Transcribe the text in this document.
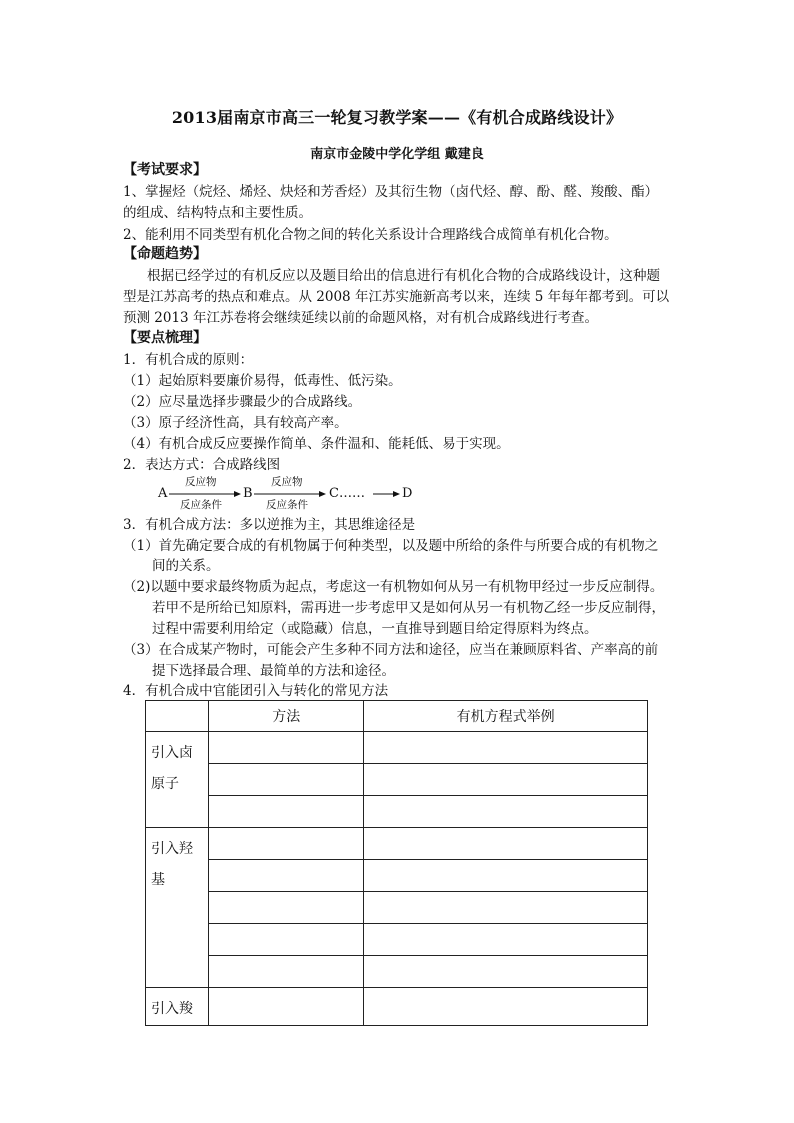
2013届南京市高三一轮复习教学案——《有机合成路线设计》
南京市金陵中学化学组 戴建良
【考试要求】
1、掌握烃（烷烃、烯烃、炔烃和芳香烃）及其衍生物（卤代烃、醇、酚、醛、羧酸、酯）
的组成、结构特点和主要性质。
2、能利用不同类型有机化合物之间的转化关系设计合理路线合成简单有机化合物。
【命题趋势】
根据已经学过的有机反应以及题目给出的信息进行有机化合物的合成路线设计，这种题
型是江苏高考的热点和难点。从 2008 年江苏实施新高考以来，连续 5 年每年都考到。可以
预测 2013 年江苏卷将会继续延续以前的命题风格，对有机合成路线进行考查。
【要点梳理】
1．有机合成的原则：
（1）起始原料要廉价易得，低毒性、低污染。
（2）应尽量选择步骤最少的合成路线。
（3）原子经济性高，具有较高产率。
（4）有机合成反应要操作简单、条件温和、能耗低、易于实现。
2．表达方式：合成路线图
A
反应物
反应条件
B
反应物
反应条件
C……	D
3．有机合成方法：多以逆推为主，其思维途径是
（1）首先确定要合成的有机物属于何种类型，以及题中所给的条件与所要合成的有机物之
间的关系。
（2)以题中要求最终物质为起点，考虑这一有机物如何从另一有机物甲经过一步反应制得。
若甲不是所给已知原料，需再进一步考虑甲又是如何从另一有机物乙经一步反应制得，
过程中需要利用给定（或隐藏）信息，一直推导到题目给定得原料为终点。
（3）在合成某产物时，可能会产生多种不同方法和途径，应当在兼顾原料省、产率高的前
提下选择最合理、最简单的方法和途径。
4．有机合成中官能团引入与转化的常见方法
	方法	有机方程式举例

引入卤
原子		

引入羟
基		

引入羧		
